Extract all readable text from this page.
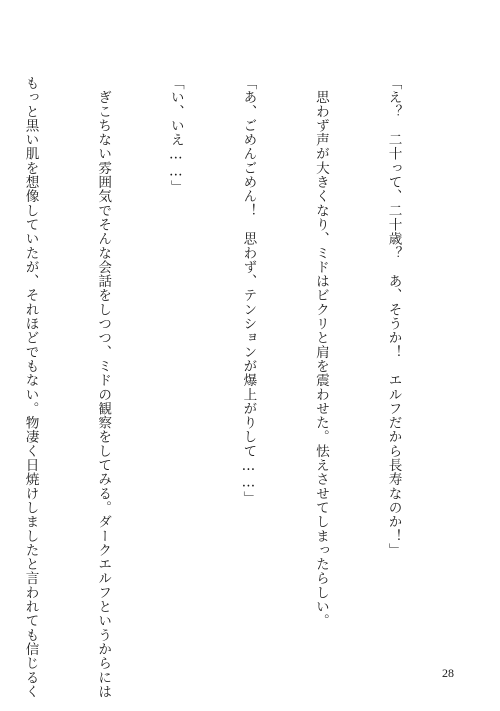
「え？　二十って、二十歳？　あ、そうか！　エルフだから長寿なのか！」

　思わず声が大きくなり、ミドはビクリと肩を震わせた。怯えさせてしまったらしい。

「あ、ごめんごめん！　思わず、テンションが爆上がりして……」

「い、いえ……」

　ぎこちない雰囲気でそんな会話をしつつ、ミドの観察をしてみる。ダークエルフというからには

もっと黒い肌を想像していたが、それほどでもない。物凄く日焼けしましたと言われても信じるく

	28
